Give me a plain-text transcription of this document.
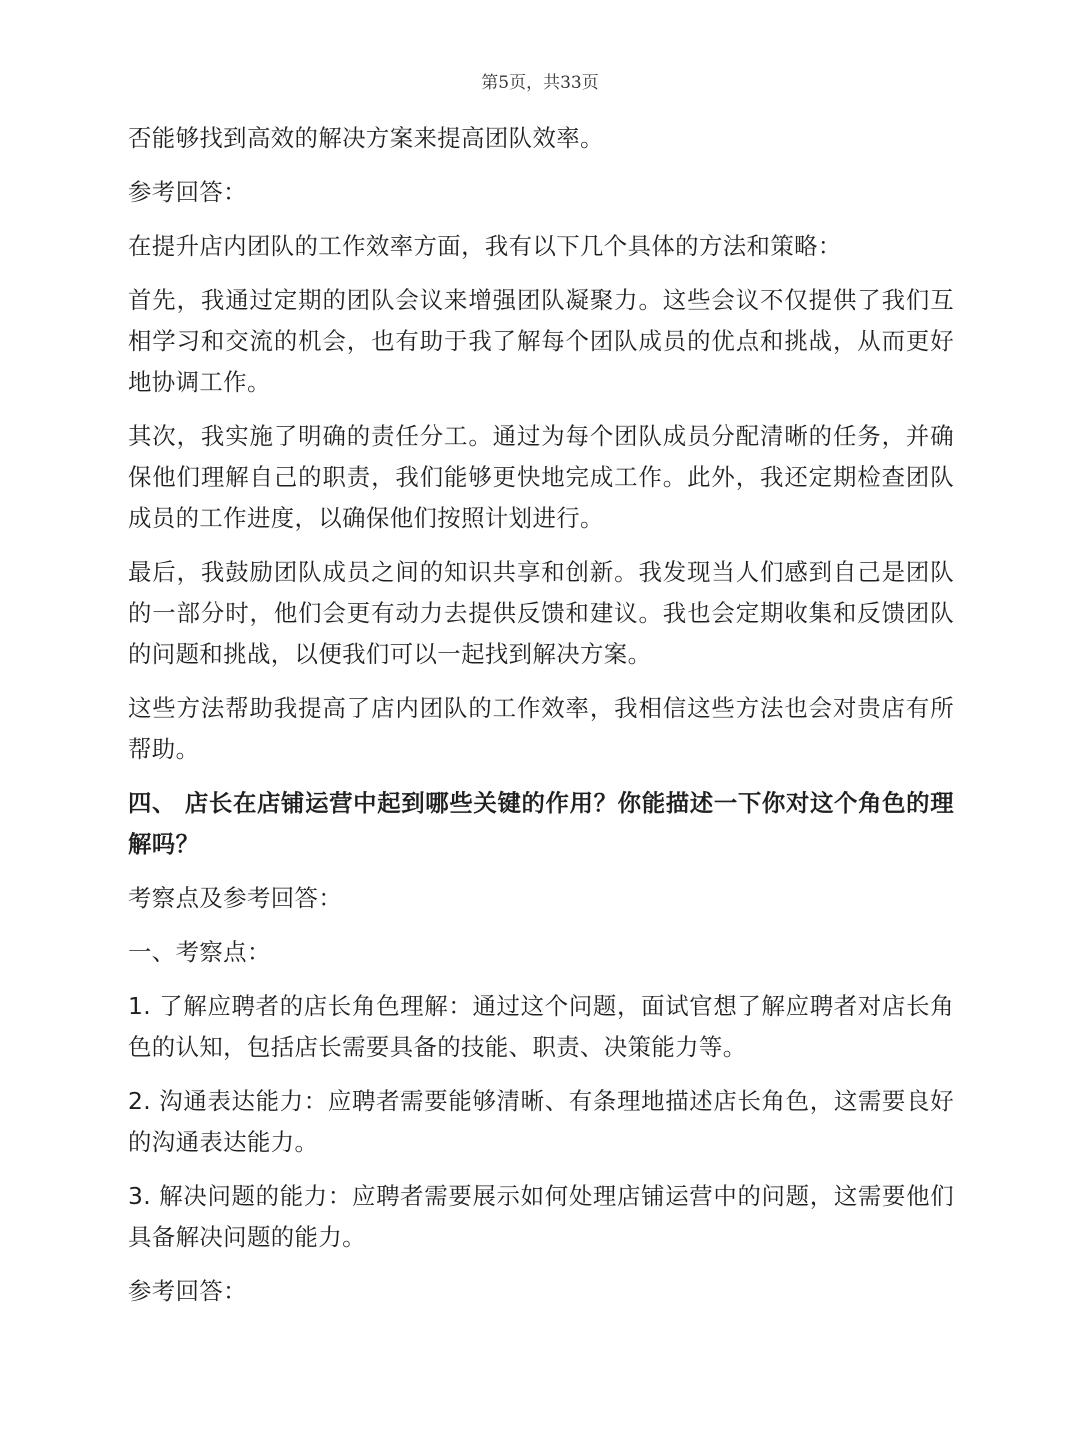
第5页，共33页

否能够找到高效的解决方案来提高团队效率。

参考回答：

在提升店内团队的工作效率方面，我有以下几个具体的方法和策略：

首先，我通过定期的团队会议来增强团队凝聚力。这些会议不仅提供了我们互相学习和交流的机会，也有助于我了解每个团队成员的优点和挑战，从而更好地协调工作。

其次，我实施了明确的责任分工。通过为每个团队成员分配清晰的任务，并确保他们理解自己的职责，我们能够更快地完成工作。此外，我还定期检查团队成员的工作进度，以确保他们按照计划进行。

最后，我鼓励团队成员之间的知识共享和创新。我发现当人们感到自己是团队的一部分时，他们会更有动力去提供反馈和建议。我也会定期收集和反馈团队的问题和挑战，以便我们可以一起找到解决方案。

这些方法帮助我提高了店内团队的工作效率，我相信这些方法也会对贵店有所帮助。

四、 店长在店铺运营中起到哪些关键的作用？你能描述一下你对这个角色的理解吗？

考察点及参考回答：

一、考察点：

1. 了解应聘者的店长角色理解：通过这个问题，面试官想了解应聘者对店长角色的认知，包括店长需要具备的技能、职责、决策能力等。

2. 沟通表达能力：应聘者需要能够清晰、有条理地描述店长角色，这需要良好的沟通表达能力。

3. 解决问题的能力：应聘者需要展示如何处理店铺运营中的问题，这需要他们具备解决问题的能力。

参考回答：
